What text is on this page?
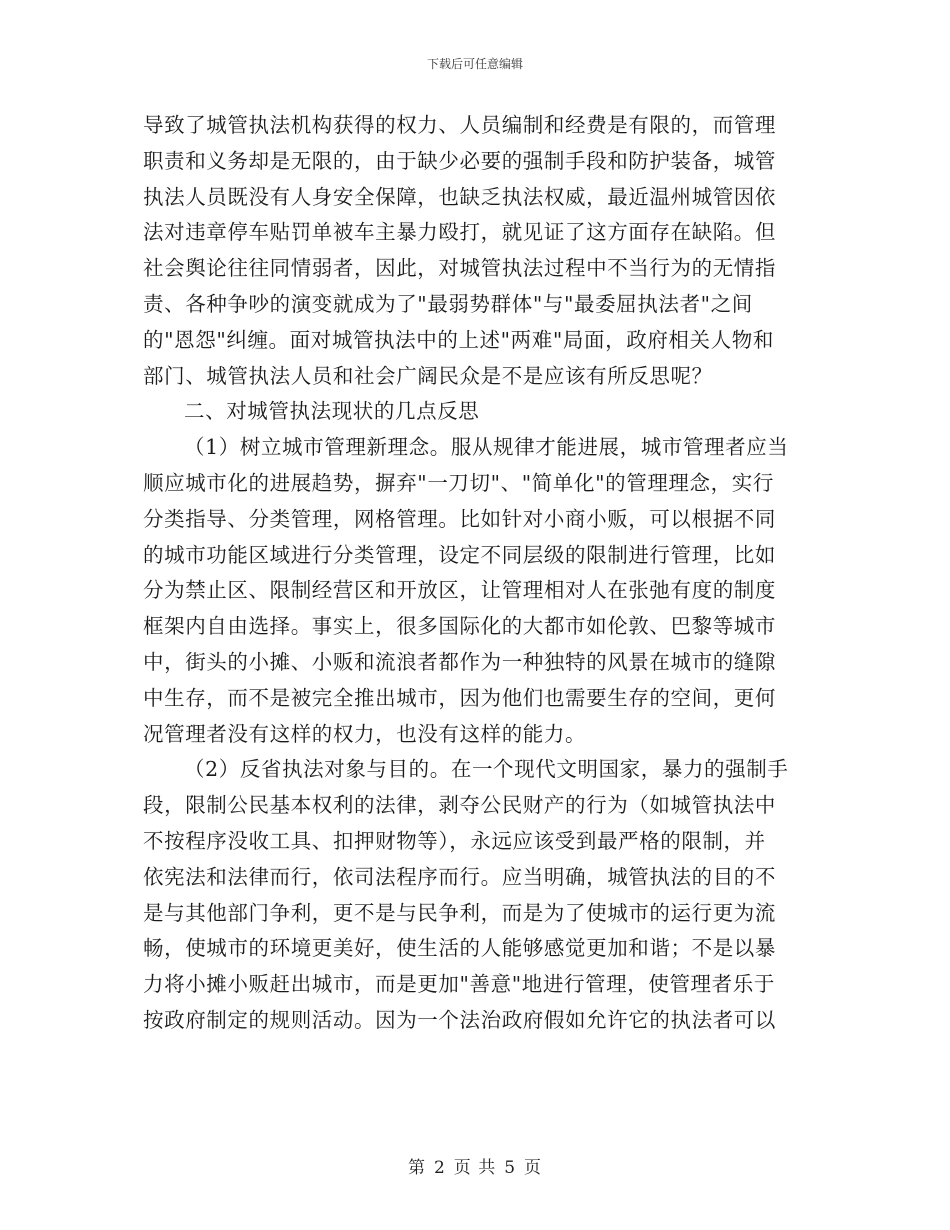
下载后可任意编辑
导致了城管执法机构获得的权力、人员编制和经费是有限的，而管理
职责和义务却是无限的，由于缺少必要的强制手段和防护装备，城管
执法人员既没有人身安全保障，也缺乏执法权威，最近温州城管因依
法对违章停车贴罚单被车主暴力殴打，就见证了这方面存在缺陷。但
社会舆论往往同情弱者，因此，对城管执法过程中不当行为的无情指
责、各种争吵的演变就成为了"最弱势群体"与"最委屈执法者"之间
的"恩怨"纠缠。面对城管执法中的上述"两难"局面，政府相关人物和
部门、城管执法人员和社会广阔民众是不是应该有所反思呢？
二、对城管执法现状的几点反思
（1）树立城市管理新理念。服从规律才能进展，城市管理者应当
顺应城市化的进展趋势，摒弃"一刀切"、"简单化"的管理理念，实行
分类指导、分类管理，网格管理。比如针对小商小贩，可以根据不同
的城市功能区域进行分类管理，设定不同层级的限制进行管理，比如
分为禁止区、限制经营区和开放区，让管理相对人在张弛有度的制度
框架内自由选择。事实上，很多国际化的大都市如伦敦、巴黎等城市
中，街头的小摊、小贩和流浪者都作为一种独特的风景在城市的缝隙
中生存，而不是被完全推出城市，因为他们也需要生存的空间，更何
况管理者没有这样的权力，也没有这样的能力。
（2）反省执法对象与目的。在一个现代文明国家，暴力的强制手
段，限制公民基本权利的法律，剥夺公民财产的行为（如城管执法中
不按程序没收工具、扣押财物等），永远应该受到最严格的限制，并
依宪法和法律而行，依司法程序而行。应当明确，城管执法的目的不
是与其他部门争利，更不是与民争利，而是为了使城市的运行更为流
畅，使城市的环境更美好，使生活的人能够感觉更加和谐；不是以暴
力将小摊小贩赶出城市，而是更加"善意"地进行管理，使管理者乐于
按政府制定的规则活动。因为一个法治政府假如允许它的执法者可以
第 2 页 共 5 页
